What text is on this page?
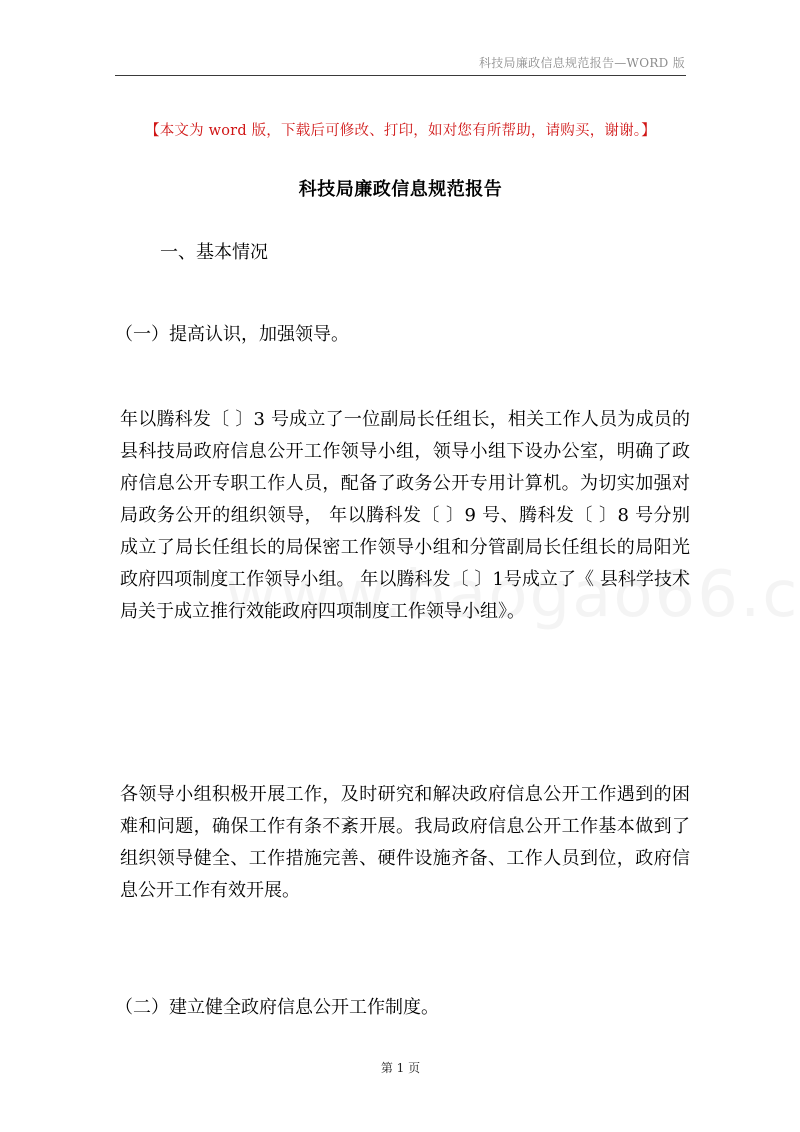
科技局廉政信息规范报告—WORD 版
【本文为 word 版，下载后可修改、打印，如对您有所帮助，请购买，谢谢。】
科技局廉政信息规范报告
一、基本情况
（一）提高认识，加强领导。

年以腾科发〔 〕3 号成立了一位副局长任组长，相关工作人员为成员的 县科技局政府信息公开工作领导小组，领导小组下设办公室，明确了政府信息公开专职工作人员，配备了政务公开专用计算机。为切实加强对局政务公开的组织领导， 年以腾科发〔 〕9 号、腾科发〔 〕8 号分别成立了局长任组长的局保密工作领导小组和分管副局长任组长的局阳光政府四项制度工作领导小组。 年以腾科发〔 〕1号成立了《 县科学技术局关于成立推行效能政府四项制度工作领导小组》。

各领导小组积极开展工作，及时研究和解决政府信息公开工作遇到的困难和问题，确保工作有条不紊开展。我局政府信息公开工作基本做到了组织领导健全、工作措施完善、硬件设施齐备、工作人员到位，政府信息公开工作有效开展。

（二）建立健全政府信息公开工作制度。
第 1 页
